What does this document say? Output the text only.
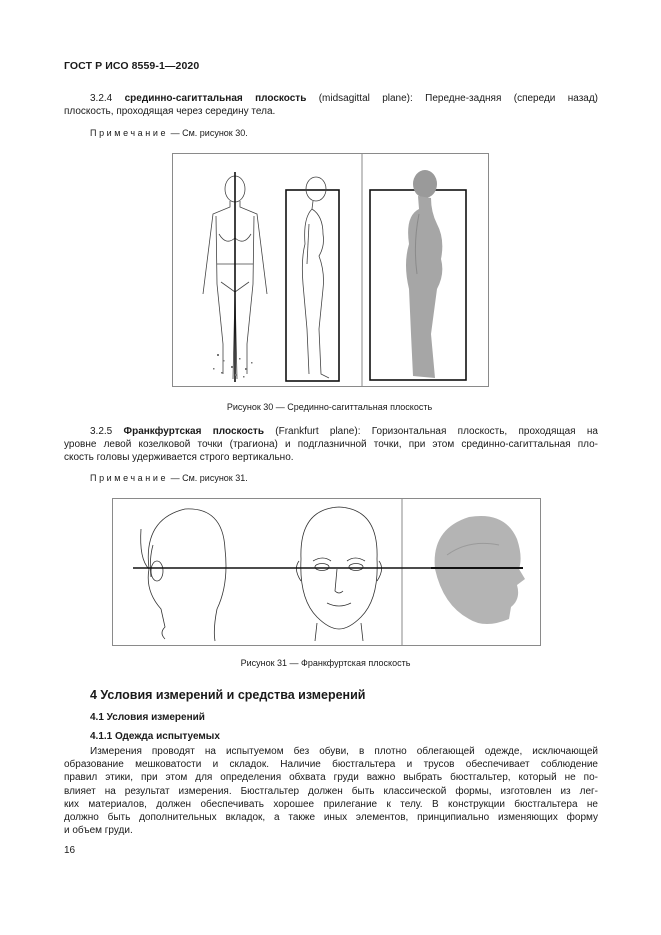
ГОСТ Р ИСО 8559-1—2020
3.2.4 срединно-сагиттальная плоскость (midsagittal plane): Передне-задняя (спереди назад)
плоскость, проходящая через середину тела.
Примечание — См. рисунок 30.
Рисунок 30 — Срединно-сагиттальная плоскость
3.2.5 Франкфуртская плоскость (Frankfurt plane): Горизонтальная плоскость, проходящая на
уровне левой козелковой точки (трагиона) и подглазничной точки, при этом срединно-сагиттальная пло-
скость головы удерживается строго вертикально.
Примечание — См. рисунок 31.
Рисунок 31 — Франкфуртская плоскость
4 Условия измерений и средства измерений
4.1 Условия измерений
4.1.1 Одежда испытуемых
Измерения проводят на испытуемом без обуви, в плотно облегающей одежде, исключающей
образование мешковатости и складок. Наличие бюстгальтера и трусов обеспечивает соблюдение
правил этики, при этом для определения обхвата груди важно выбрать бюстгальтер, который не по-
влияет на результат измерения. Бюстгальтер должен быть классической формы, изготовлен из лег-
ких материалов, должен обеспечивать хорошее прилегание к телу. В конструкции бюстгальтера не
должно быть дополнительных вкладок, а также иных элементов, принципиально изменяющих форму
и объем груди.
16
